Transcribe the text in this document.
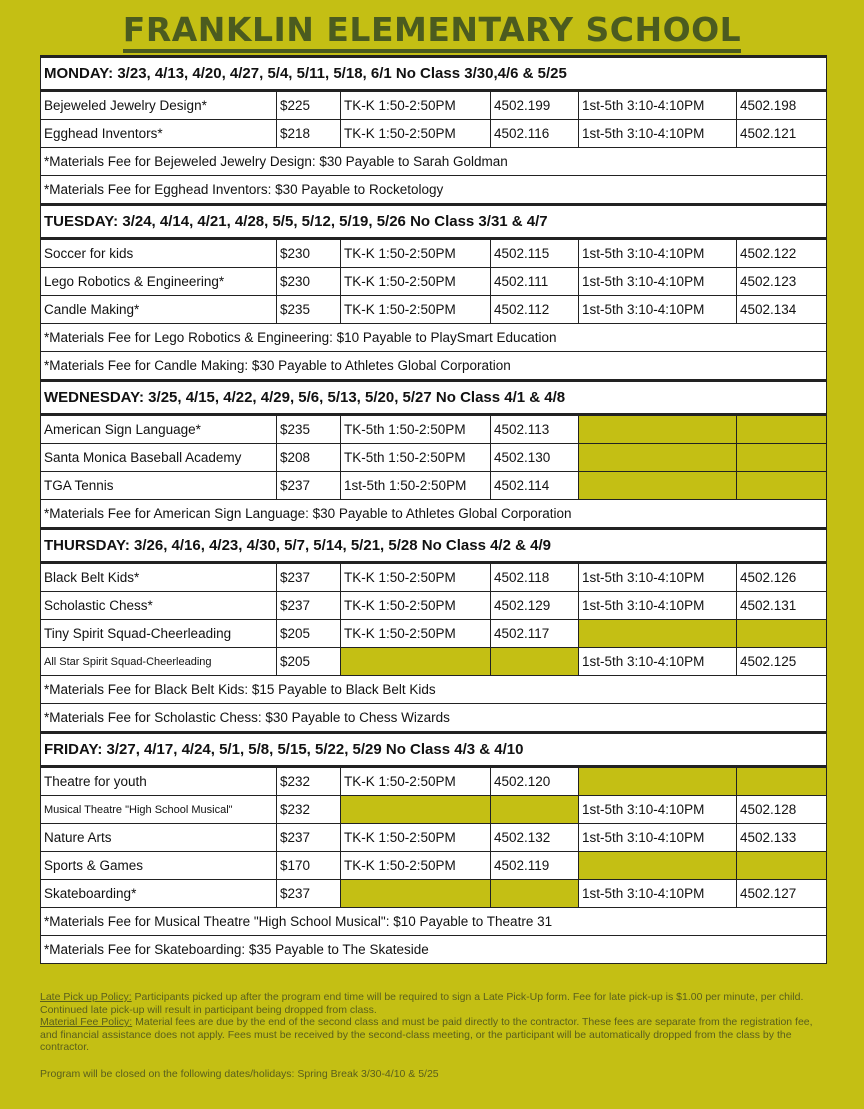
FRANKLIN ELEMENTARY SCHOOL
MONDAY: 3/23, 4/13, 4/20, 4/27, 5/4, 5/11, 5/18, 6/1 No Class 3/30,4/6 & 5/25					
Bejeweled Jewelry Design*	$225	TK-K 1:50-2:50PM	4502.199	1st-5th 3:10-4:10PM	4502.198
Egghead Inventors*	$218	TK-K 1:50-2:50PM	4502.116	1st-5th 3:10-4:10PM	4502.121
*Materials Fee for Bejeweled Jewelry Design: $30 Payable to Sarah Goldman					
*Materials Fee for Egghead Inventors: $30 Payable to Rocketology					
TUESDAY: 3/24, 4/14, 4/21, 4/28, 5/5, 5/12, 5/19, 5/26 No Class 3/31 & 4/7					
Soccer for kids	$230	TK-K 1:50-2:50PM	4502.115	1st-5th 3:10-4:10PM	4502.122
Lego Robotics & Engineering*	$230	TK-K 1:50-2:50PM	4502.111	1st-5th 3:10-4:10PM	4502.123
Candle Making*	$235	TK-K 1:50-2:50PM	4502.112	1st-5th 3:10-4:10PM	4502.134
*Materials Fee for Lego Robotics & Engineering: $10 Payable to PlaySmart Education					
*Materials Fee for Candle Making: $30 Payable to Athletes Global Corporation					
WEDNESDAY: 3/25, 4/15, 4/22, 4/29, 5/6, 5/13, 5/20, 5/27 No Class 4/1 & 4/8					
American Sign Language*	$235	TK-5th 1:50-2:50PM	4502.113		
Santa Monica Baseball Academy	$208	TK-5th 1:50-2:50PM	4502.130		
TGA Tennis	$237	1st-5th 1:50-2:50PM	4502.114		
*Materials Fee for American Sign Language: $30 Payable to Athletes Global Corporation					
THURSDAY: 3/26, 4/16, 4/23, 4/30, 5/7, 5/14, 5/21, 5/28 No Class 4/2 & 4/9					
Black Belt Kids*	$237	TK-K 1:50-2:50PM	4502.118	1st-5th 3:10-4:10PM	4502.126
Scholastic Chess*	$237	TK-K 1:50-2:50PM	4502.129	1st-5th 3:10-4:10PM	4502.131
Tiny Spirit Squad-Cheerleading	$205	TK-K 1:50-2:50PM	4502.117		
All Star Spirit Squad-Cheerleading	$205			1st-5th 3:10-4:10PM	4502.125
*Materials Fee for Black Belt Kids: $15 Payable to Black Belt Kids					
*Materials Fee for Scholastic Chess: $30 Payable to Chess Wizards					
FRIDAY: 3/27, 4/17, 4/24, 5/1, 5/8, 5/15, 5/22, 5/29 No Class 4/3 & 4/10					
Theatre for youth	$232	TK-K 1:50-2:50PM	4502.120		
Musical Theatre "High School Musical"	$232			1st-5th 3:10-4:10PM	4502.128
Nature Arts	$237	TK-K 1:50-2:50PM	4502.132	1st-5th 3:10-4:10PM	4502.133
Sports & Games	$170	TK-K 1:50-2:50PM	4502.119		
Skateboarding*	$237			1st-5th 3:10-4:10PM	4502.127
*Materials Fee for Musical Theatre "High School Musical": $10 Payable to Theatre 31					
*Materials Fee for Skateboarding: $35 Payable to The Skateside					

Late Pick up Policy: Participants picked up after the program end time will be required to sign a Late Pick-Up form. Fee for late pick-up is $1.00 per minute, per child. Continued late pick-up will result in participant being dropped from class.

Material Fee Policy: Material fees are due by the end of the second class and must be paid directly to the contractor. These fees are separate from the registration fee, and financial assistance does not apply. Fees must be received by the second-class meeting, or the participant will be automatically dropped from the class by the contractor.

Program will be closed on the following dates/holidays: Spring Break 3/30-4/10 & 5/25
